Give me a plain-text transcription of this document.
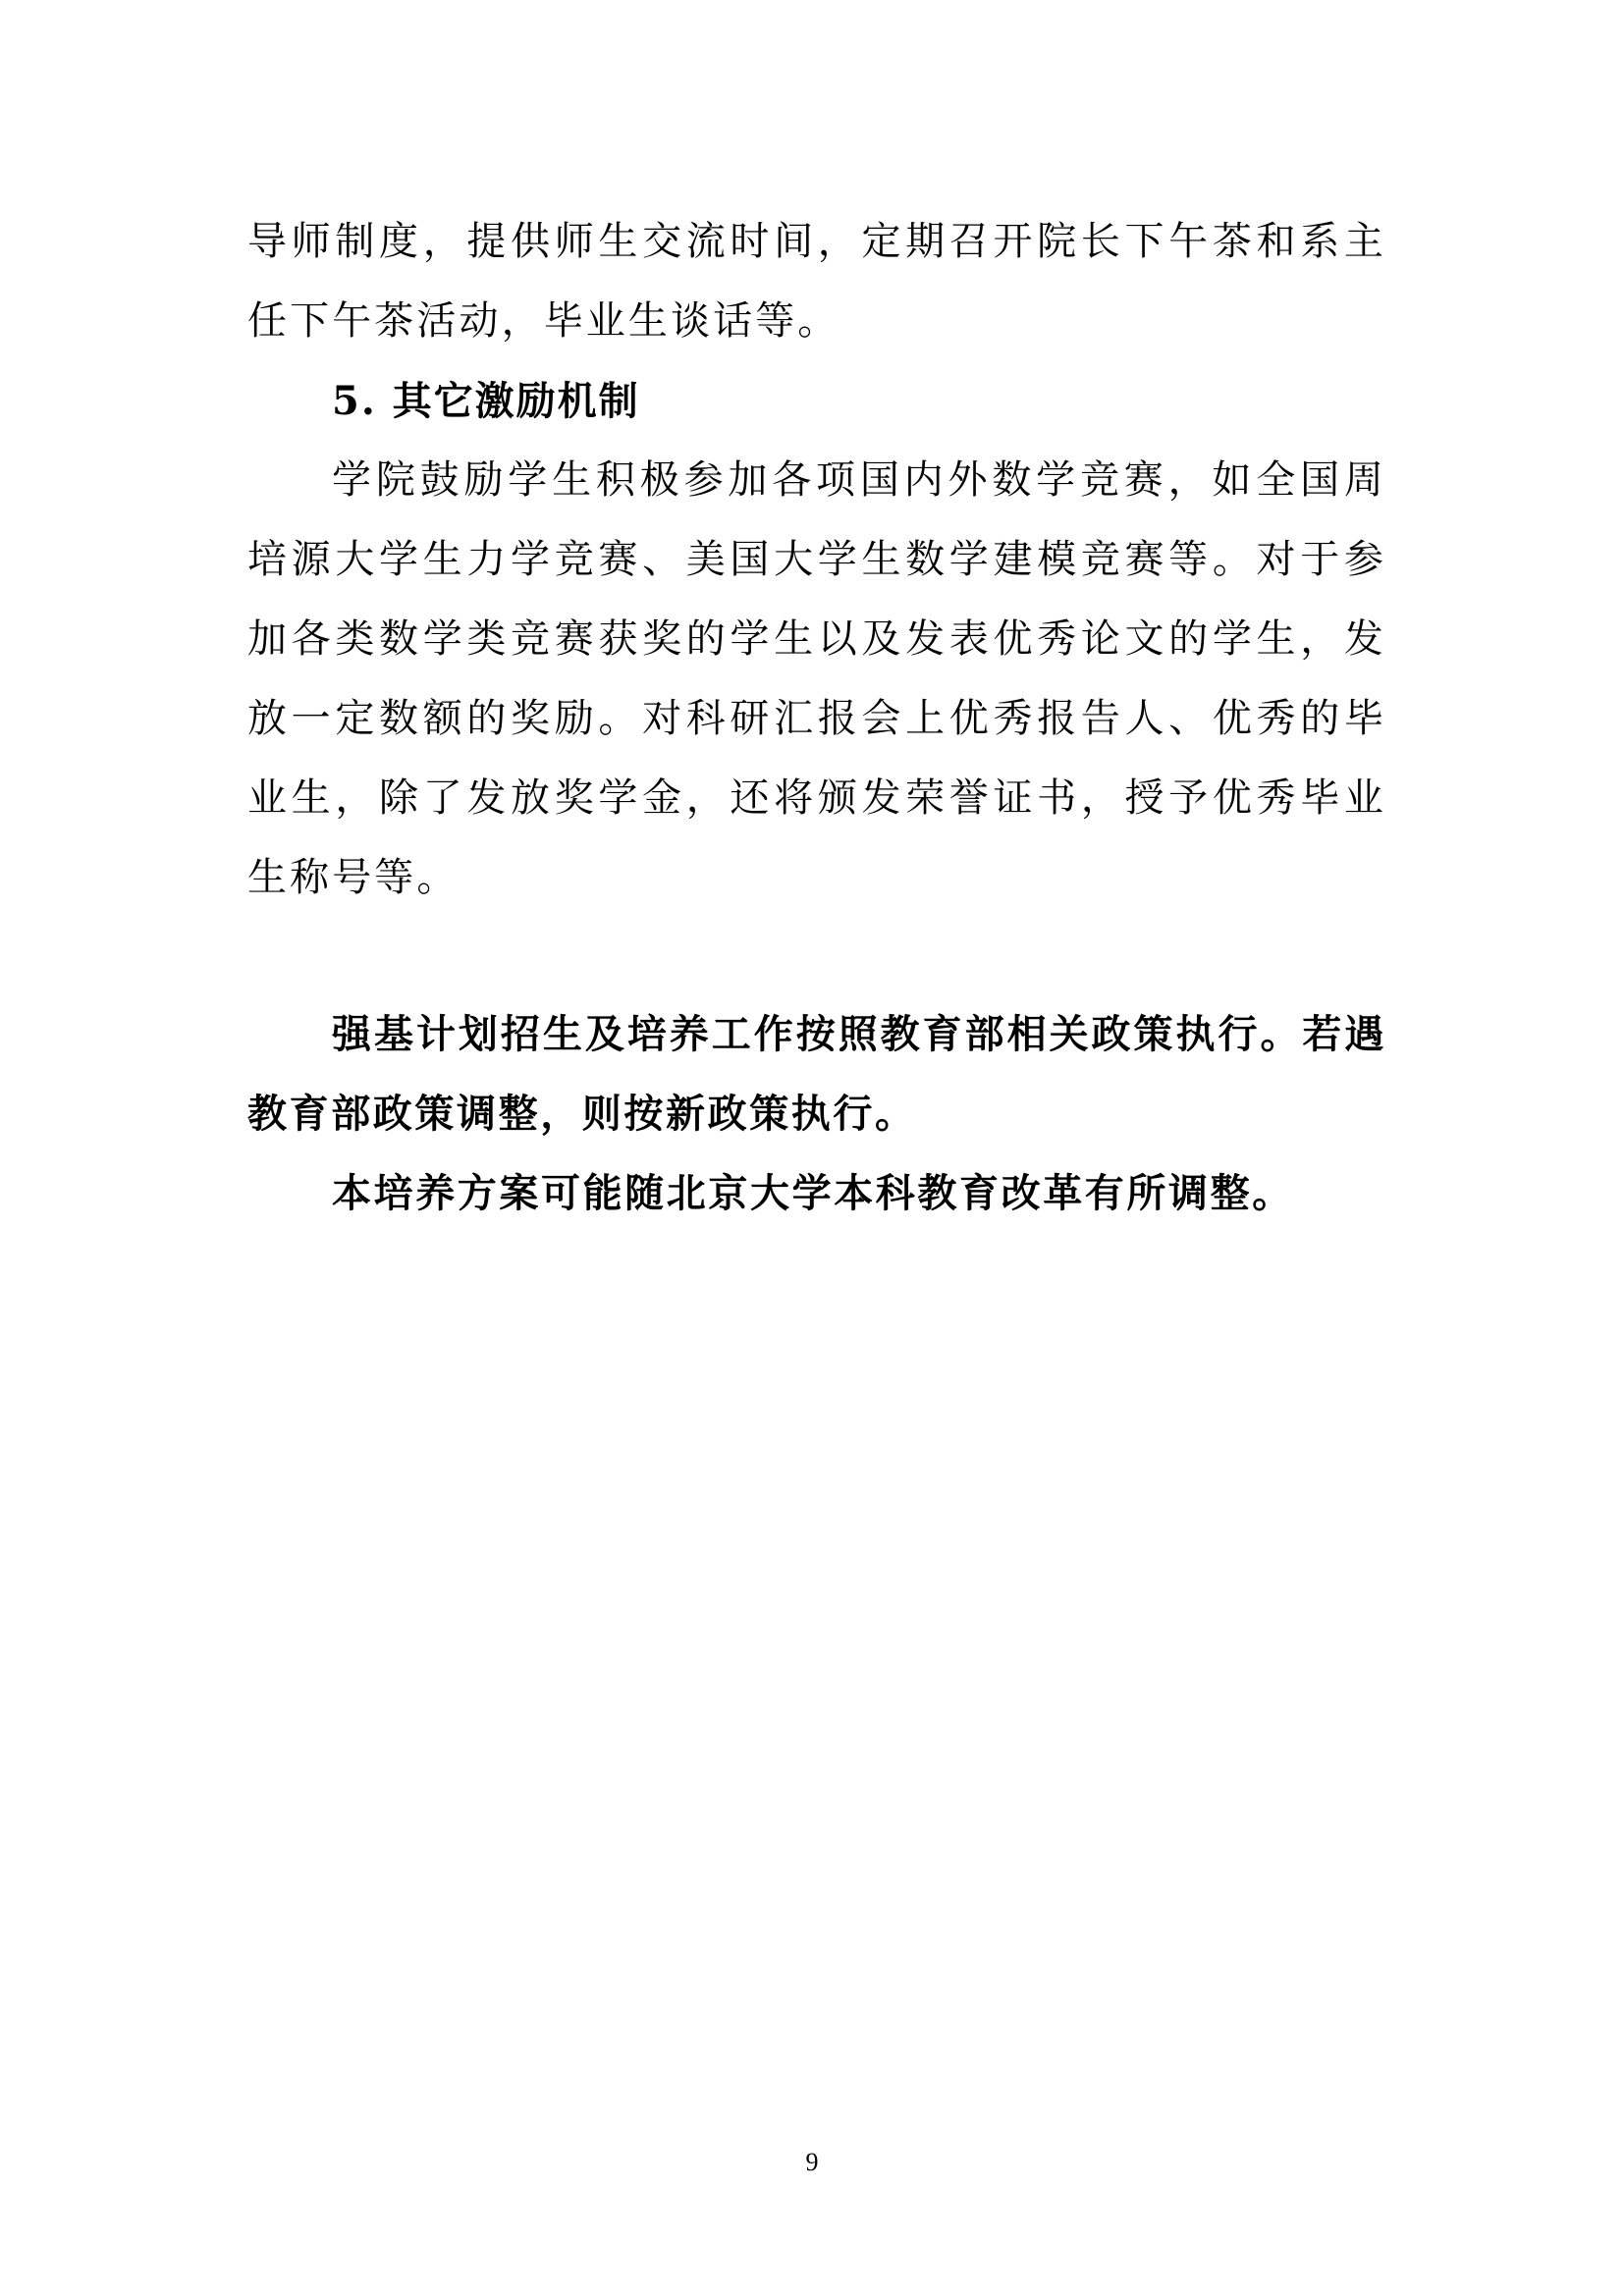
导师制度，提供师生交流时间，定期召开院长下午茶和系主任下午茶活动，毕业生谈话等。

5. 其它激励机制

学院鼓励学生积极参加各项国内外数学竞赛，如全国周培源大学生力学竞赛、美国大学生数学建模竞赛等。对于参加各类数学类竞赛获奖的学生以及发表优秀论文的学生，发放一定数额的奖励。对科研汇报会上优秀报告人、优秀的毕业生，除了发放奖学金，还将颁发荣誉证书，授予优秀毕业生称号等。

强基计划招生及培养工作按照教育部相关政策执行。若遇教育部政策调整，则按新政策执行。

本培养方案可能随北京大学本科教育改革有所调整。

9
